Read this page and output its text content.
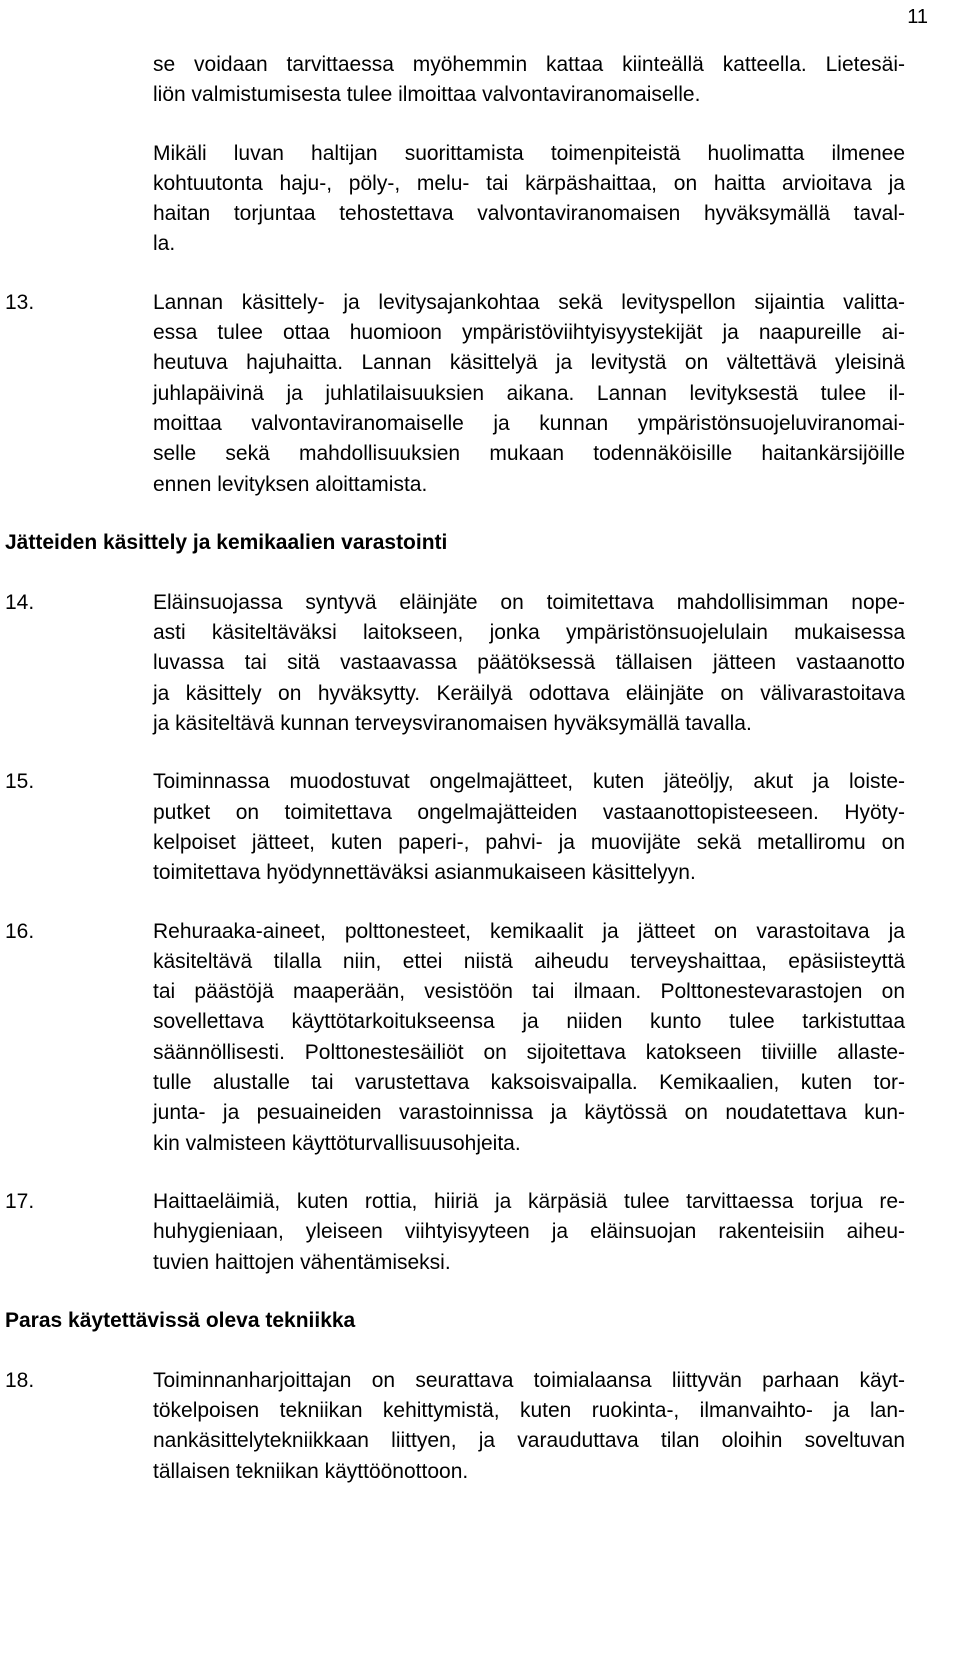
11
se voidaan tarvittaessa myöhemmin kattaa kiinteällä katteella. Lietesäi-
liön valmistumisesta tulee ilmoittaa valvontaviranomaiselle.
Mikäli luvan haltijan suorittamista toimenpiteistä huolimatta ilmenee
kohtuutonta haju-, pöly-, melu- tai kärpäshaittaa, on haitta arvioitava ja
haitan torjuntaa tehostettava valvontaviranomaisen hyväksymällä taval-
la.
13.	Lannan käsittely- ja levitysajankohtaa sekä levityspellon sijaintia valitta-
essa tulee ottaa huomioon ympäristöviihtyisyystekijät ja naapureille ai-
heutuva hajuhaitta. Lannan käsittelyä ja levitystä on vältettävä yleisinä
juhlapäivinä ja juhlatilaisuuksien aikana. Lannan levityksestä tulee il-
moittaa valvontaviranomaiselle ja kunnan ympäristönsuojeluviranomai-
selle sekä mahdollisuuksien mukaan todennäköisille haitankärsijöille
ennen levityksen aloittamista.
Jätteiden käsittely ja kemikaalien varastointi
14.	Eläinsuojassa syntyvä eläinjäte on toimitettava mahdollisimman nope-
asti käsiteltäväksi laitokseen, jonka ympäristönsuojelulain mukaisessa
luvassa tai sitä vastaavassa päätöksessä tällaisen jätteen vastaanotto
ja käsittely on hyväksytty. Keräilyä odottava eläinjäte on välivarastoitava
ja käsiteltävä kunnan terveysviranomaisen hyväksymällä tavalla.
15.	Toiminnassa muodostuvat ongelmajätteet, kuten jäteöljy, akut ja loiste-
putket on toimitettava ongelmajätteiden vastaanottopisteeseen. Hyöty-
kelpoiset jätteet, kuten paperi-, pahvi- ja muovijäte sekä metalliromu on
toimitettava hyödynnettäväksi asianmukaiseen käsittelyyn.
16.	Rehuraaka-aineet, polttonesteet, kemikaalit ja jätteet on varastoitava ja
käsiteltävä tilalla niin, ettei niistä aiheudu terveyshaittaa, epäsiisteyttä
tai päästöjä maaperään, vesistöön tai ilmaan. Polttonestevarastojen on
sovellettava käyttötarkoitukseensa ja niiden kunto tulee tarkistuttaa
säännöllisesti. Polttonestesäiliöt on sijoitettava katokseen tiiviille allaste-
tulle alustalle tai varustettava kaksoisvaipalla. Kemikaalien, kuten tor-
junta- ja pesuaineiden varastoinnissa ja käytössä on noudatettava kun-
kin valmisteen käyttöturvallisuusohjeita.
17.	Haittaeläimiä, kuten rottia, hiiriä ja kärpäsiä tulee tarvittaessa torjua re-
huhygieniaan, yleiseen viihtyisyyteen ja eläinsuojan rakenteisiin aiheu-
tuvien haittojen vähentämiseksi.
Paras käytettävissä oleva tekniikka
18.	Toiminnanharjoittajan on seurattava toimialaansa liittyvän parhaan käyt-
tökelpoisen tekniikan kehittymistä, kuten ruokinta-, ilmanvaihto- ja lan-
nankäsittelytekniikkaan liittyen, ja varauduttava tilan oloihin soveltuvan
tällaisen tekniikan käyttöönottoon.
